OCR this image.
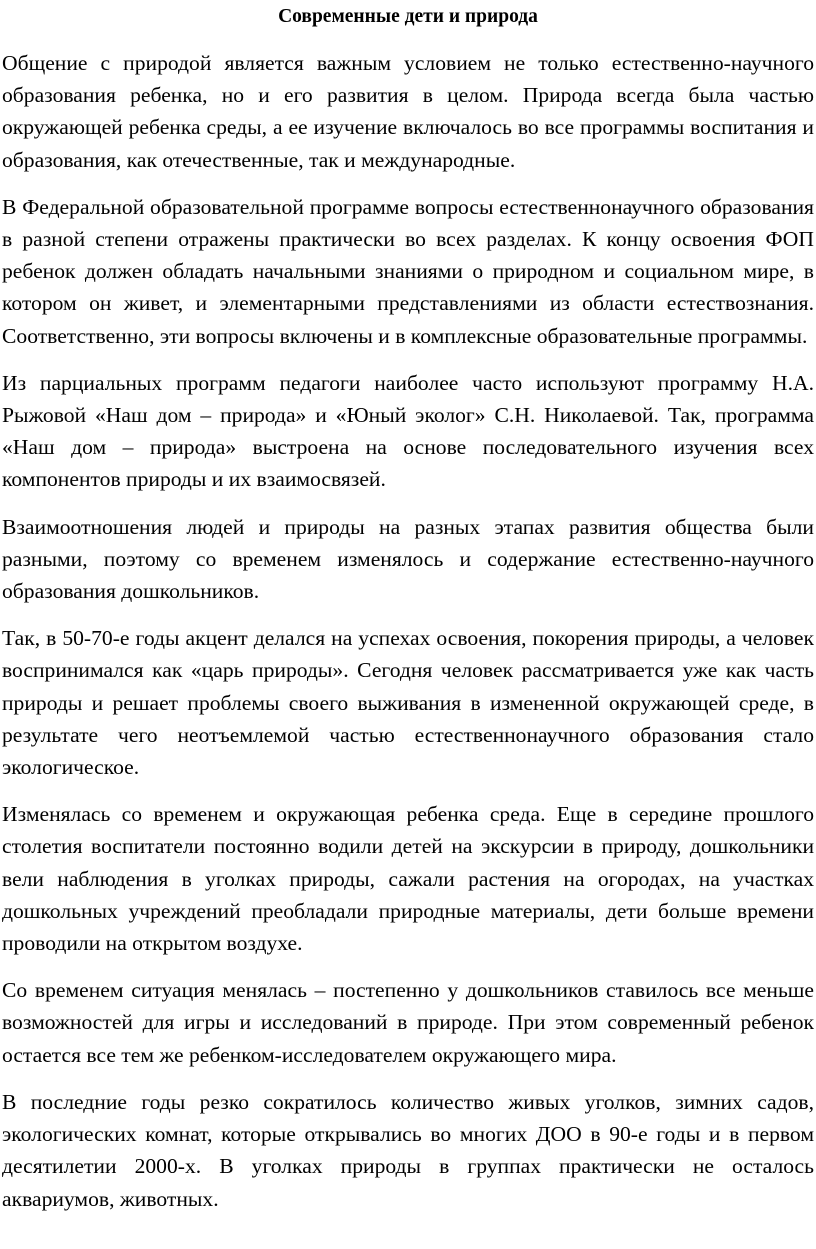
Современные дети и природа

Общение с природой является важным условием не только естественно-научного образования ребенка, но и его развития в целом. Природа всегда была частью окружающей ребенка среды, а ее изучение включалось во все программы воспитания и образования, как отечественные, так и международные.

В Федеральной образовательной программе вопросы естественнонаучного образования в разной степени отражены практически во всех разделах. К концу освоения ФОП ребенок должен обладать начальными знаниями о природном и социальном мире, в котором он живет, и элементарными представлениями из области естествознания. Соответственно, эти вопросы включены и в комплексные образовательные программы.

Из парциальных программ педагоги наиболее часто используют программу Н.А. Рыжовой «Наш дом – природа» и «Юный эколог» С.Н. Николаевой. Так, программа «Наш дом – природа» выстроена на основе последовательного изучения всех компонентов природы и их взаимосвязей.

Взаимоотношения людей и природы на разных этапах развития общества были разными, поэтому со временем изменялось и содержание естественно-научного образования дошкольников.

Так, в 50-70-е годы акцент делался на успехах освоения, покорения природы, а человек воспринимался как «царь природы». Сегодня человек рассматривается уже как часть природы и решает проблемы своего выживания в измененной окружающей среде, в результате чего неотъемлемой частью естественнонаучного образования стало экологическое.

Изменялась со временем и окружающая ребенка среда. Еще в середине прошлого столетия воспитатели постоянно водили детей на экскурсии в природу, дошкольники вели наблюдения в уголках природы, сажали растения на огородах, на участках дошкольных учреждений преобладали природные материалы, дети больше времени проводили на открытом воздухе.

Со временем ситуация менялась – постепенно у дошкольников ставилось все меньше возможностей для игры и исследований в природе. При этом современный ребенок остается все тем же ребенком-исследователем окружающего мира.

В последние годы резко сократилось количество живых уголков, зимних садов, экологических комнат, которые открывались во многих ДОО в 90-е годы и в первом десятилетии 2000-х. В уголках природы в группах практически не осталось аквариумов, животных.
